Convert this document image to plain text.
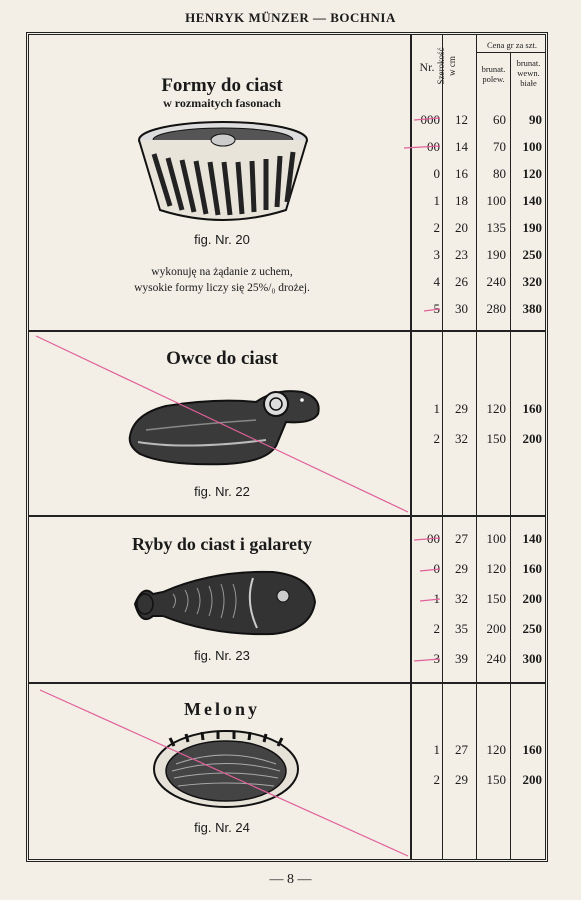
HENRYK MÜNZER — BOCHNIA
Nr. Szerokość w cm
Cena gr za szt.
brunat.
polew.
brunat.
wewn.
białe
Formy do ciast
w rozmaitych fasonach
fig. Nr. 20
wykonuję na żądanie z uchem,
wysokie formy liczy się 25%/₀ drożej.
000	12	60	90
00	14	70	100
0	16	80	120
1	18	100	140
2	20	135	190
3	23	190	250
4	26	240	320
5	30	280	380
Owce do ciast
fig. Nr. 22
1	29	120	160
2	32	150	200
Ryby do ciast i galarety
fig. Nr. 23
00	27	100	140
0	29	120	160
1	32	150	200
2	35	200	250
3	39	240	300
Melony
fig. Nr. 24
1	27	120	160
2	29	150	200
— 8 —
